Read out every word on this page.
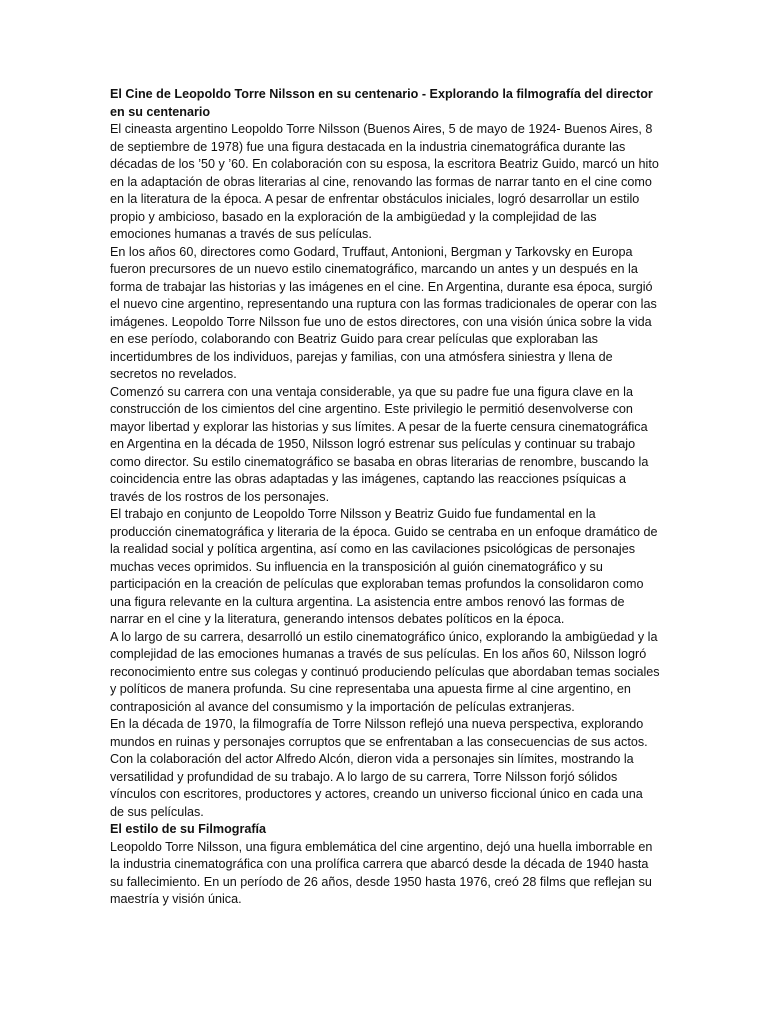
El Cine de Leopoldo Torre Nilsson en su centenario - Explorando la filmografía del director en su centenario

El cineasta argentino Leopoldo Torre Nilsson (Buenos Aires, 5 de mayo de 1924- Buenos Aires, 8 de septiembre de 1978) fue una figura destacada en la industria cinematográfica durante las décadas de los ’50 y ’60. En colaboración con su esposa, la escritora Beatriz Guido, marcó un hito en la adaptación de obras literarias al cine, renovando las formas de narrar tanto en el cine como en la literatura de la época. A pesar de enfrentar obstáculos iniciales, logró desarrollar un estilo propio y ambicioso, basado en la exploración de la ambigüedad y la complejidad de las emociones humanas a través de sus películas.

En los años 60, directores como Godard, Truffaut, Antonioni, Bergman y Tarkovsky en Europa fueron precursores de un nuevo estilo cinematográfico, marcando un antes y un después en la forma de trabajar las historias y las imágenes en el cine. En Argentina, durante esa época, surgió el nuevo cine argentino, representando una ruptura con las formas tradicionales de operar con las imágenes. Leopoldo Torre Nilsson fue uno de estos directores, con una visión única sobre la vida en ese período, colaborando con Beatriz Guido para crear películas que exploraban las incertidumbres de los individuos, parejas y familias, con una atmósfera siniestra y llena de secretos no revelados.

Comenzó su carrera con una ventaja considerable, ya que su padre fue una figura clave en la construcción de los cimientos del cine argentino. Este privilegio le permitió desenvolverse con mayor libertad y explorar las historias y sus límites. A pesar de la fuerte censura cinematográfica en Argentina en la década de 1950, Nilsson logró estrenar sus películas y continuar su trabajo como director. Su estilo cinematográfico se basaba en obras literarias de renombre, buscando la coincidencia entre las obras adaptadas y las imágenes, captando las reacciones psíquicas a través de los rostros de los personajes.

El trabajo en conjunto de Leopoldo Torre Nilsson y Beatriz Guido fue fundamental en la producción cinematográfica y literaria de la época. Guido se centraba en un enfoque dramático de la realidad social y política argentina, así como en las cavilaciones psicológicas de personajes muchas veces oprimidos. Su influencia en la transposición al guión cinematográfico y su participación en la creación de películas que exploraban temas profundos la consolidaron como una figura relevante en la cultura argentina. La asistencia entre ambos renovó las formas de narrar en el cine y la literatura, generando intensos debates políticos en la época.

A lo largo de su carrera, desarrolló un estilo cinematográfico único, explorando la ambigüedad y la complejidad de las emociones humanas a través de sus películas. En los años 60, Nilsson logró reconocimiento entre sus colegas y continuó produciendo películas que abordaban temas sociales y políticos de manera profunda. Su cine representaba una apuesta firme al cine argentino, en contraposición al avance del consumismo y la importación de películas extranjeras.

En la década de 1970, la filmografía de Torre Nilsson reflejó una nueva perspectiva, explorando mundos en ruinas y personajes corruptos que se enfrentaban a las consecuencias de sus actos. Con la colaboración del actor Alfredo Alcón, dieron vida a personajes sin límites, mostrando la versatilidad y profundidad de su trabajo. A lo largo de su carrera, Torre Nilsson forjó sólidos vínculos con escritores, productores y actores, creando un universo ficcional único en cada una de sus películas.

El estilo de su Filmografía

Leopoldo Torre Nilsson, una figura emblemática del cine argentino, dejó una huella imborrable en la industria cinematográfica con una prolífica carrera que abarcó desde la década de 1940 hasta su fallecimiento. En un período de 26 años, desde 1950 hasta 1976, creó 28 films que reflejan su maestría y visión única.
